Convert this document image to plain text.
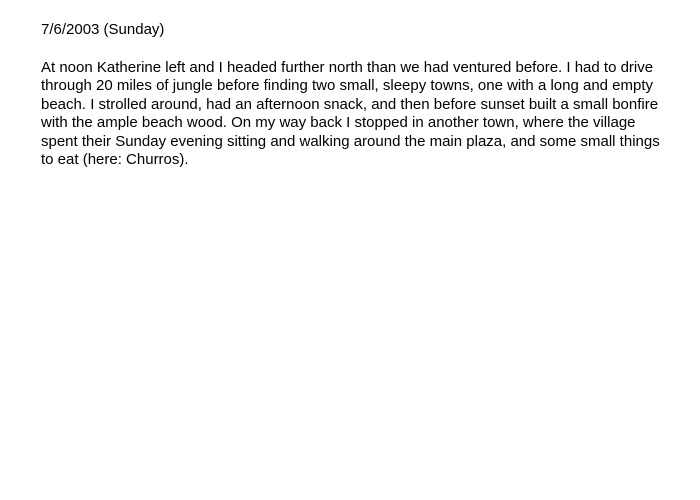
7/6/2003 (Sunday)

At noon Katherine left and I headed further north than we had ventured before. I had to drive
through 20 miles of jungle before finding two small, sleepy towns, one with a long and empty
beach. I strolled around, had an afternoon snack, and then before sunset built a small bonfire
with the ample beach wood. On my way back I stopped in another town, where the village
spent their Sunday evening sitting and walking around the main plaza, and some small things
to eat (here: Churros).
